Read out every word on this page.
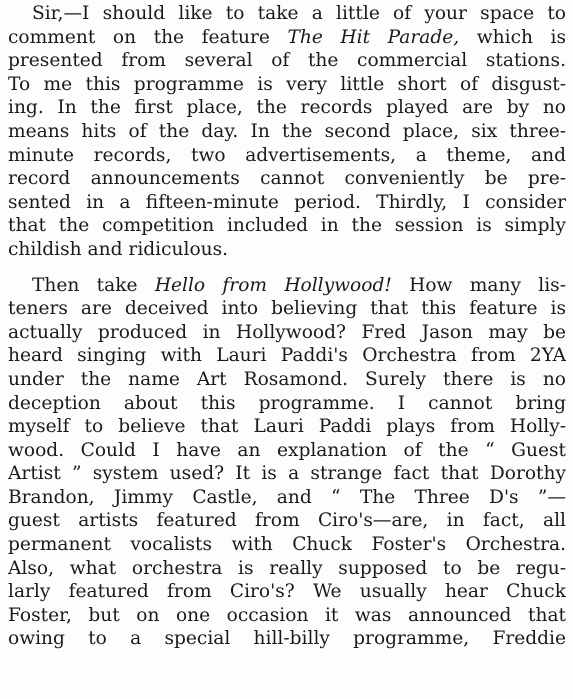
Sir,—I should like to take a little of your space to
comment on the feature The Hit Parade, which is
presented from several of the commercial stations.
To me this programme is very little short of disgust-
ing. In the first place, the records played are by no
means hits of the day. In the second place, six three-
minute records, two advertisements, a theme, and
record announcements cannot conveniently be pre-
sented in a fifteen-minute period. Thirdly, I consider
that the competition included in the session is simply
childish and ridiculous.
Then take Hello from Hollywood! How many lis-
teners are deceived into believing that this feature is
actually produced in Hollywood? Fred Jason may be
heard singing with Lauri Paddi's Orchestra from 2YA
under the name Art Rosamond. Surely there is no
deception about this programme. I cannot bring
myself to believe that Lauri Paddi plays from Holly-
wood. Could I have an explanation of the “ Guest
Artist ” system used? It is a strange fact that Dorothy
Brandon, Jimmy Castle, and “ The Three D's ”—
guest artists featured from Ciro's—are, in fact, all
permanent vocalists with Chuck Foster's Orchestra.
Also, what orchestra is really supposed to be regu-
larly featured from Ciro's? We usually hear Chuck
Foster, but on one occasion it was announced that
owing to a special hill-billy programme, Freddie
